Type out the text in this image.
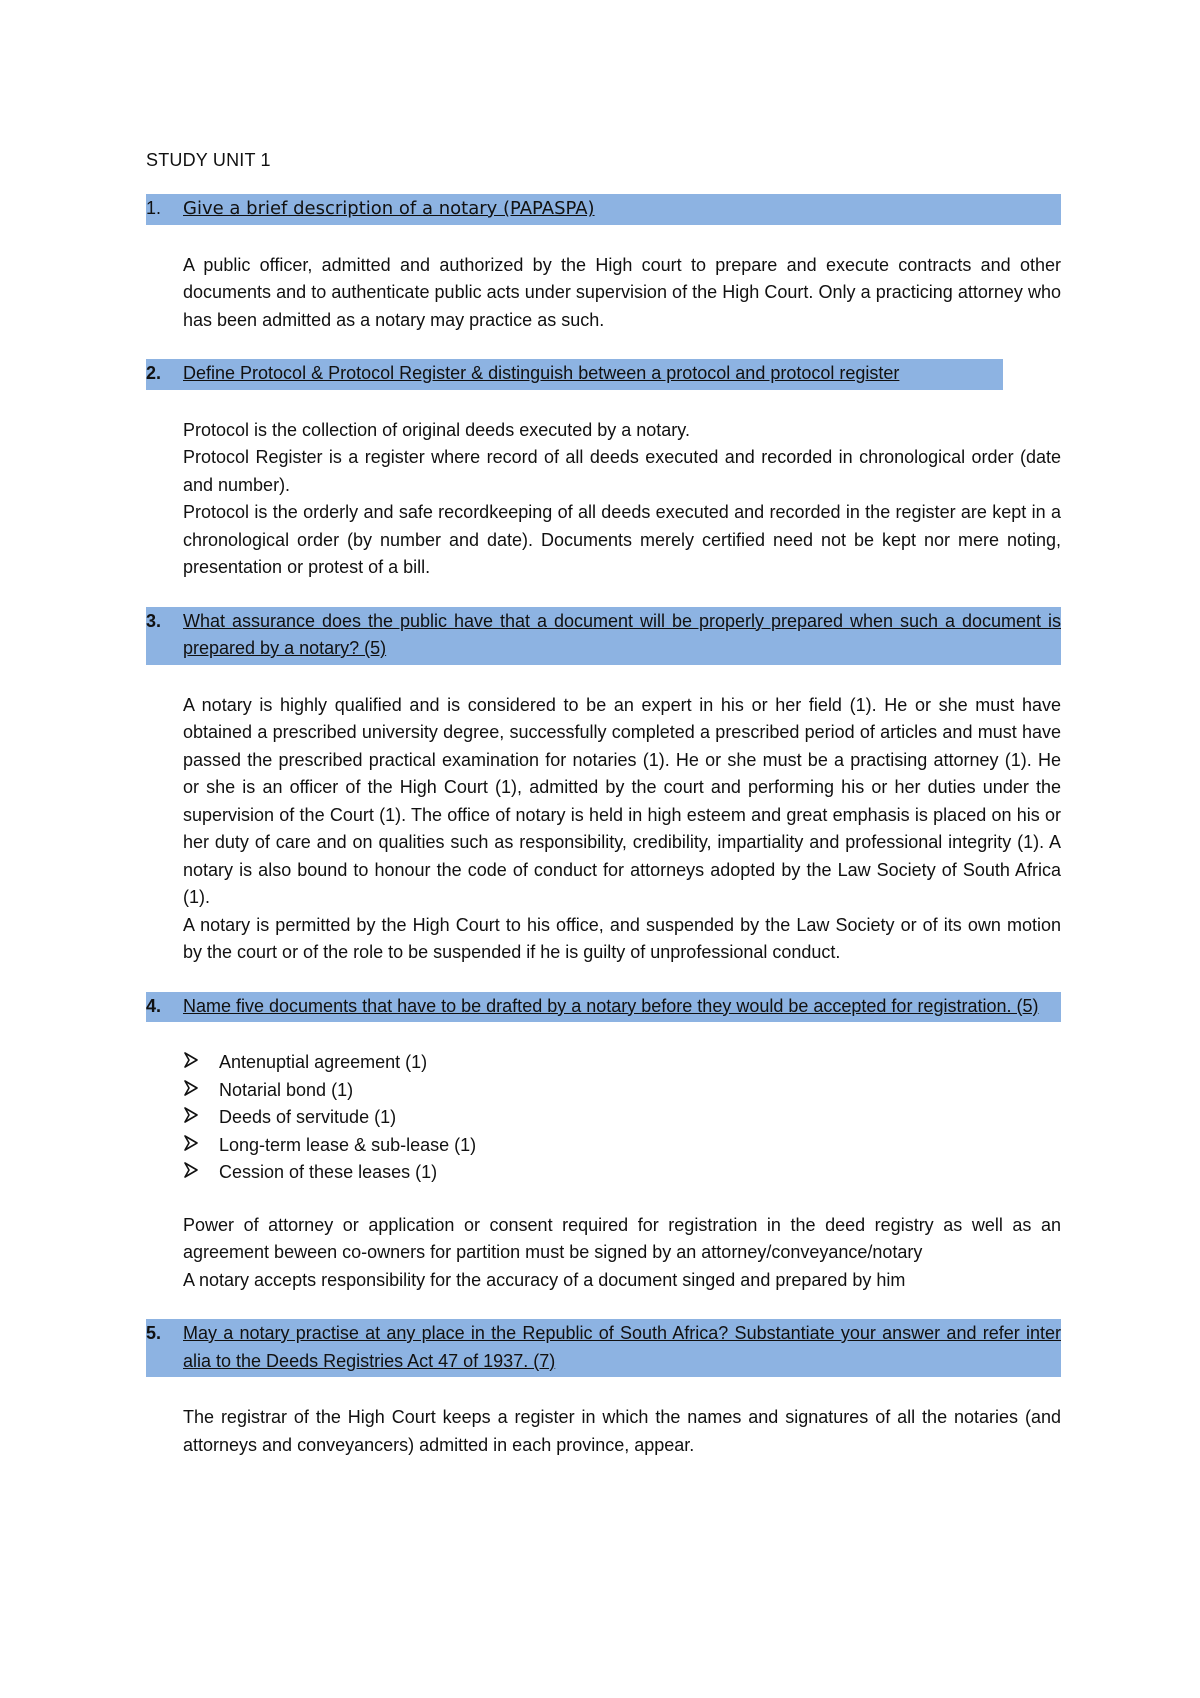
STUDY UNIT 1
1.	Give a brief description of a notary (PAPASPA)

A public officer, admitted and authorized by the High court to prepare and execute contracts and other documents and to authenticate public acts under supervision of the High Court. Only a practicing attorney who has been admitted as a notary may practice as such.

2.	Define Protocol & Protocol Register & distinguish between a protocol and protocol register

Protocol is the collection of original deeds executed by a notary.

Protocol Register is a register where record of all deeds executed and recorded in chronological order (date and number).

Protocol is the orderly and safe recordkeeping of all deeds executed and recorded in the register are kept in a chronological order (by number and date). Documents merely certified need not be kept nor mere noting, presentation or protest of a bill.

3.	What assurance does the public have that a document will be properly prepared when such a document is prepared by a notary? (5)

A notary is highly qualified and is considered to be an expert in his or her field (1). He or she must have obtained a prescribed university degree, successfully completed a prescribed period of articles and must have passed the prescribed practical examination for notaries (1). He or she must be a practising attorney (1). He or she is an officer of the High Court (1), admitted by the court and performing his or her duties under the supervision of the Court (1). The office of notary is held in high esteem and great emphasis is placed on his or her duty of care and on qualities such as responsibility, credibility, impartiality and professional integrity (1). A notary is also bound to honour the code of conduct for attorneys adopted by the Law Society of South Africa (1).

A notary is permitted by the High Court to his office, and suspended by the Law Society or of its own motion by the court or of the role to be suspended if he is guilty of unprofessional conduct.

4.	Name five documents that have to be drafted by a notary before they would be accepted for registration. (5)
Antenuptial agreement (1)
Notarial bond (1)
Deeds of servitude (1)
Long-term lease & sub-lease (1)
Cession of these leases (1)

Power of attorney or application or consent required for registration in the deed registry as well as an agreement beween co-owners for partition must be signed by an attorney/conveyance/notary

A notary accepts responsibility for the accuracy of a document singed and prepared by him

5.	May a notary practise at any place in the Republic of South Africa? Substantiate your answer and refer inter alia to the Deeds Registries Act 47 of 1937. (7)

The registrar of the High Court keeps a register in which the names and signatures of all the notaries (and attorneys and conveyancers) admitted in each province, appear.
